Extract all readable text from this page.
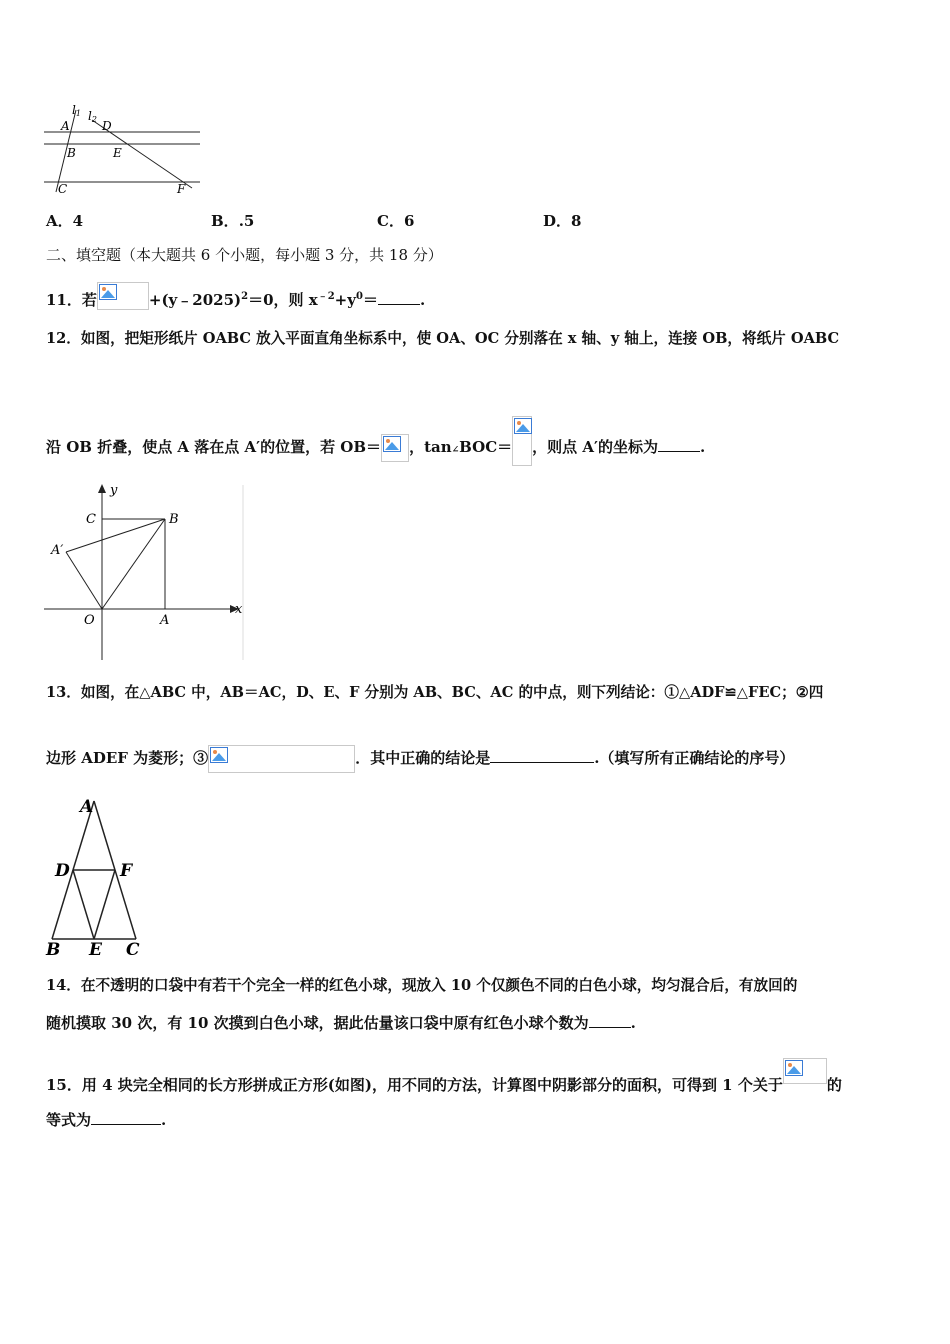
l1 l2
A	D
B	E
C	F
A．4	B．.5	C．6	D．8
二、填空题（本大题共 6 个小题，每小题 3 分，共 18 分）
11．若	+(y﹣2025)$^2$＝0，则 $x^{﹣2}+y^0=$	.
12．如图，把矩形纸片 OABC 放入平面直角坐标系中，使 OA、OC 分别落在 x 轴、y 轴上，连接 OB，将纸片 OABC
沿 OB 折叠，使点 A 落在点 A′的位置，若 OB＝ ，tan∠BOC＝ ，则点 A′的坐标为	.
y
x
C	B
A′
O	A
13．如图，在△ABC 中，AB＝AC，D、E、F 分别为 AB、BC、AC 的中点，则下列结论：①△ADF≌△FEC；②四
边形 ADEF 为菱形；③	．其中正确的结论是	.（填写所有正确结论的序号）
A
D	F
B E C
14．在不透明的口袋中有若干个完全一样的红色小球，现放入 10 个仅颜色不同的白色小球，均匀混合后，有放回的
随机摸取 30 次，有 10 次摸到白色小球，据此估量该口袋中原有红色小球个数为	.
15．用 4 块完全相同的长方形拼成正方形(如图)，用不同的方法，计算图中阴影部分的面积，可得到 1 个关于	的
等式为	.
